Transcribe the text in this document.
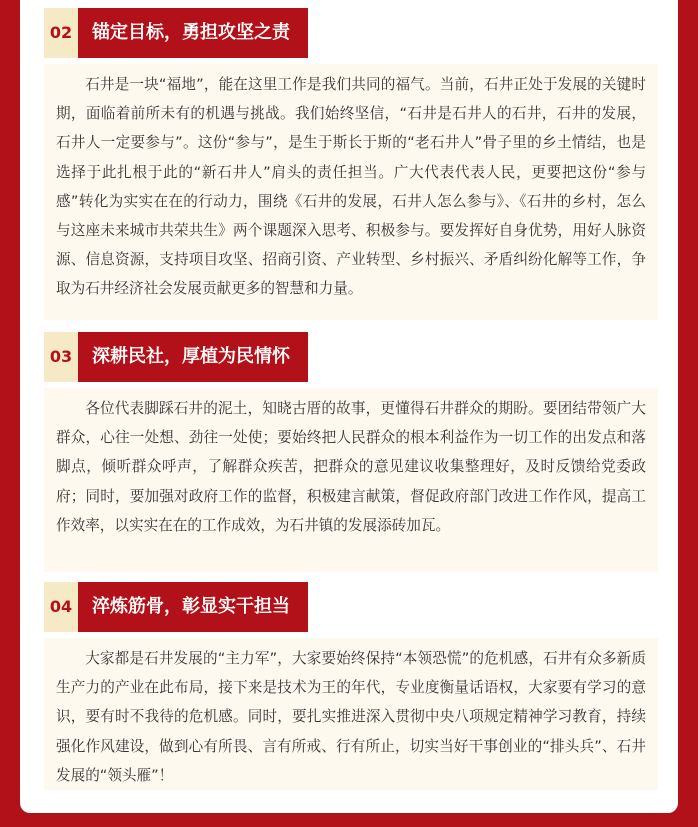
02	锚定目标，勇担攻坚之责
石井是一块“福地”，能在这里工作是我们共同的福气。当前，石井正处于发展的关键时期，面临着前所未有的机遇与挑战。我们始终坚信，“石井是石井人的石井，石井的发展，石井人一定要参与”。这份“参与”，是生于斯长于斯的“老石井人”骨子里的乡土情结，也是选择于此扎根于此的“新石井人”肩头的责任担当。广大代表代表人民，更要把这份“参与感”转化为实实在在的行动力，围绕《石井的发展，石井人怎么参与》、《石井的乡村，怎么与这座未来城市共荣共生》两个课题深入思考、积极参与。要发挥好自身优势，用好人脉资源、信息资源，支持项目攻坚、招商引资、产业转型、乡村振兴、矛盾纠纷化解等工作，争取为石井经济社会发展贡献更多的智慧和力量。
03	深耕民社，厚植为民情怀
各位代表脚踩石井的泥土，知晓古厝的故事，更懂得石井群众的期盼。要团结带领广大群众，心往一处想、劲往一处使；要始终把人民群众的根本利益作为一切工作的出发点和落脚点，倾听群众呼声，了解群众疾苦，把群众的意见建议收集整理好，及时反馈给党委政府；同时，要加强对政府工作的监督，积极建言献策，督促政府部门改进工作作风，提高工作效率，以实实在在的工作成效，为石井镇的发展添砖加瓦。
04	淬炼筋骨，彰显实干担当
大家都是石井发展的“主力军”，大家要始终保持“本领恐慌”的危机感，石井有众多新质生产力的产业在此布局，接下来是技术为王的年代，专业度衡量话语权，大家要有学习的意识，要有时不我待的危机感。同时，要扎实推进深入贯彻中央八项规定精神学习教育，持续强化作风建设，做到心有所畏、言有所戒、行有所止，切实当好干事创业的“排头兵”、石井发展的“领头雁”！
